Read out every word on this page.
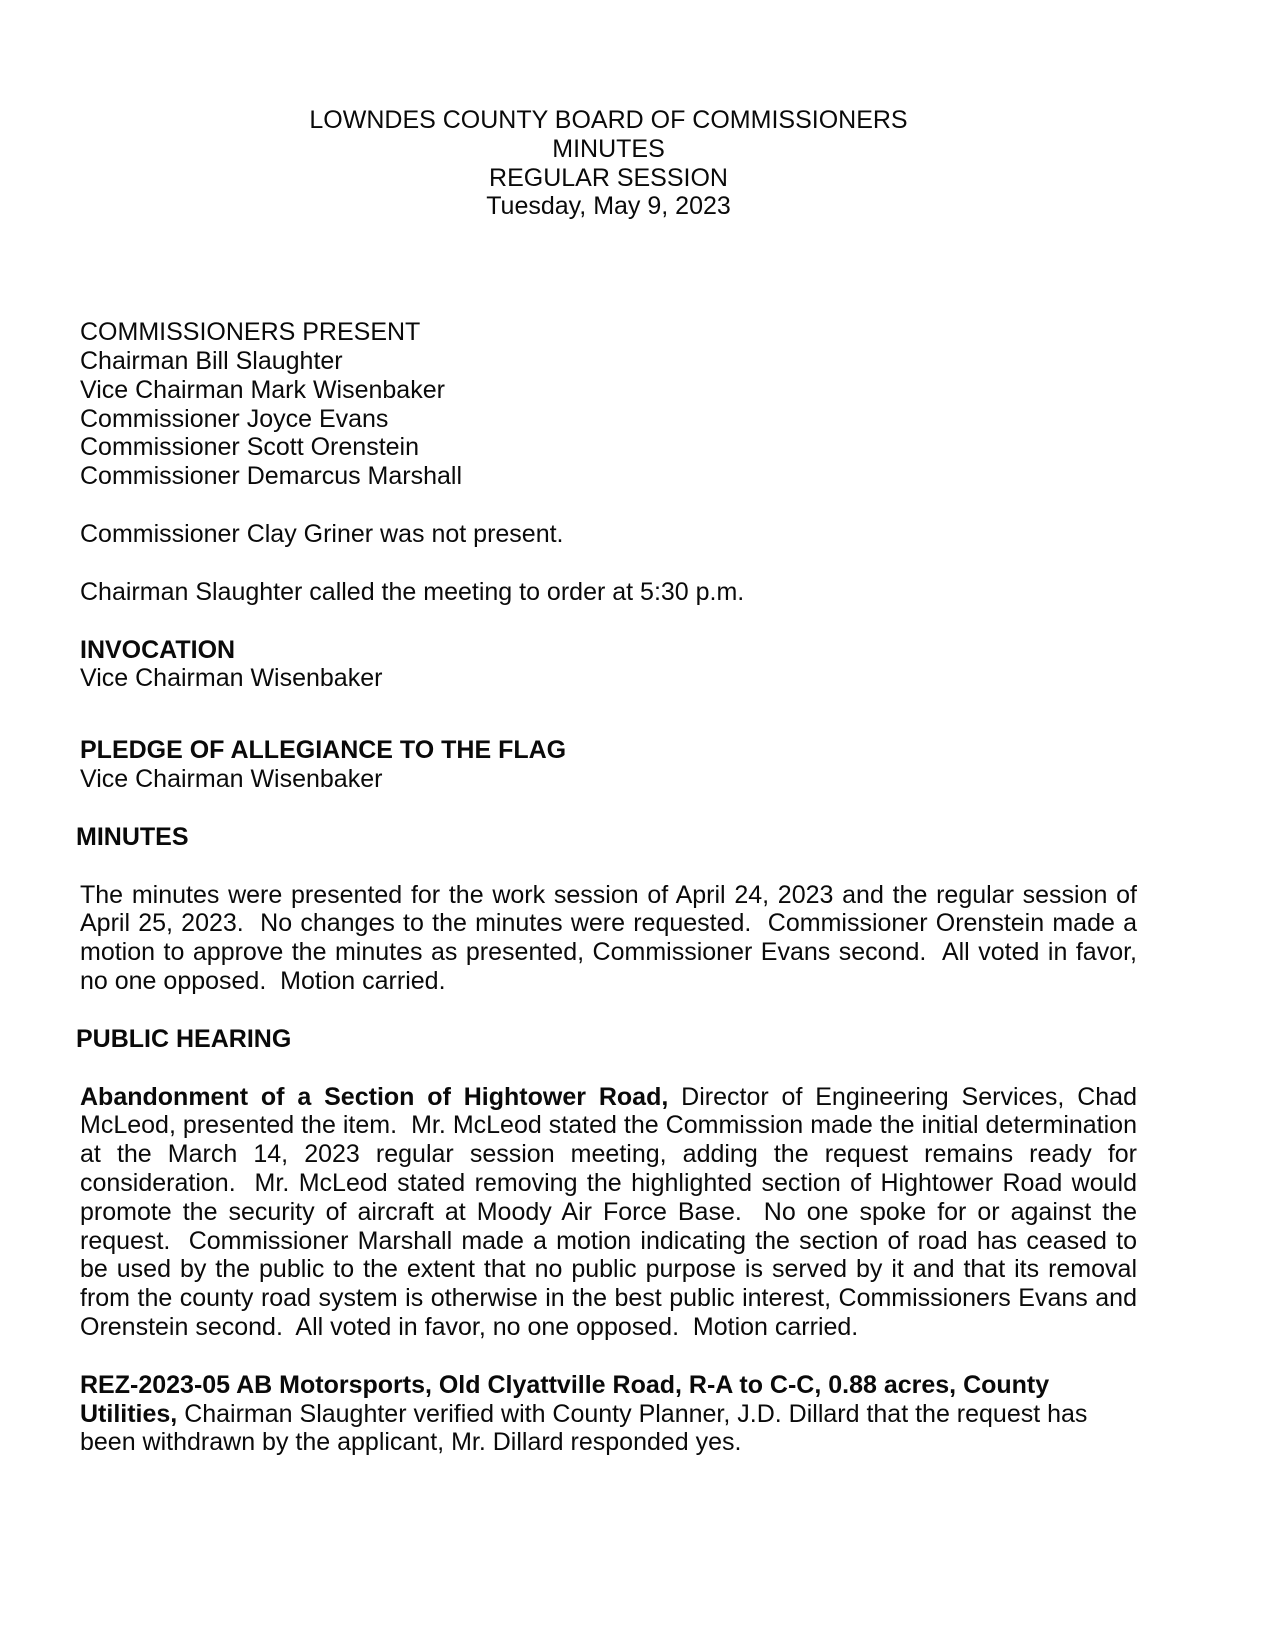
LOWNDES COUNTY BOARD OF COMMISSIONERS
MINUTES
REGULAR SESSION
Tuesday, May 9, 2023
COMMISSIONERS PRESENT
Chairman Bill Slaughter
Vice Chairman Mark Wisenbaker
Commissioner Joyce Evans
Commissioner Scott Orenstein
Commissioner Demarcus Marshall

Commissioner Clay Griner was not present.

Chairman Slaughter called the meeting to order at 5:30 p.m.

INVOCATION
Vice Chairman Wisenbaker
PLEDGE OF ALLEGIANCE TO THE FLAG
Vice Chairman Wisenbaker
MINUTES

The minutes were presented for the work session of April 24, 2023 and the regular session of April 25, 2023.  No changes to the minutes were requested.  Commissioner Orenstein made a motion to approve the minutes as presented, Commissioner Evans second.  All voted in favor, no one opposed.  Motion carried.

PUBLIC HEARING

Abandonment of a Section of Hightower Road, Director of Engineering Services, Chad McLeod, presented the item.  Mr. McLeod stated the Commission made the initial determination at the March 14, 2023 regular session meeting, adding the request remains ready for consideration.  Mr. McLeod stated removing the highlighted section of Hightower Road would promote the security of aircraft at Moody Air Force Base.  No one spoke for or against the request.  Commissioner Marshall made a motion indicating the section of road has ceased to be used by the public to the extent that no public purpose is served by it and that its removal from the county road system is otherwise in the best public interest, Commissioners Evans and Orenstein second.  All voted in favor, no one opposed.  Motion carried.

REZ-2023-05 AB Motorsports, Old Clyattville Road, R-A to C-C, 0.88 acres, County Utilities, Chairman Slaughter verified with County Planner, J.D. Dillard that the request has been withdrawn by the applicant, Mr. Dillard responded yes.
